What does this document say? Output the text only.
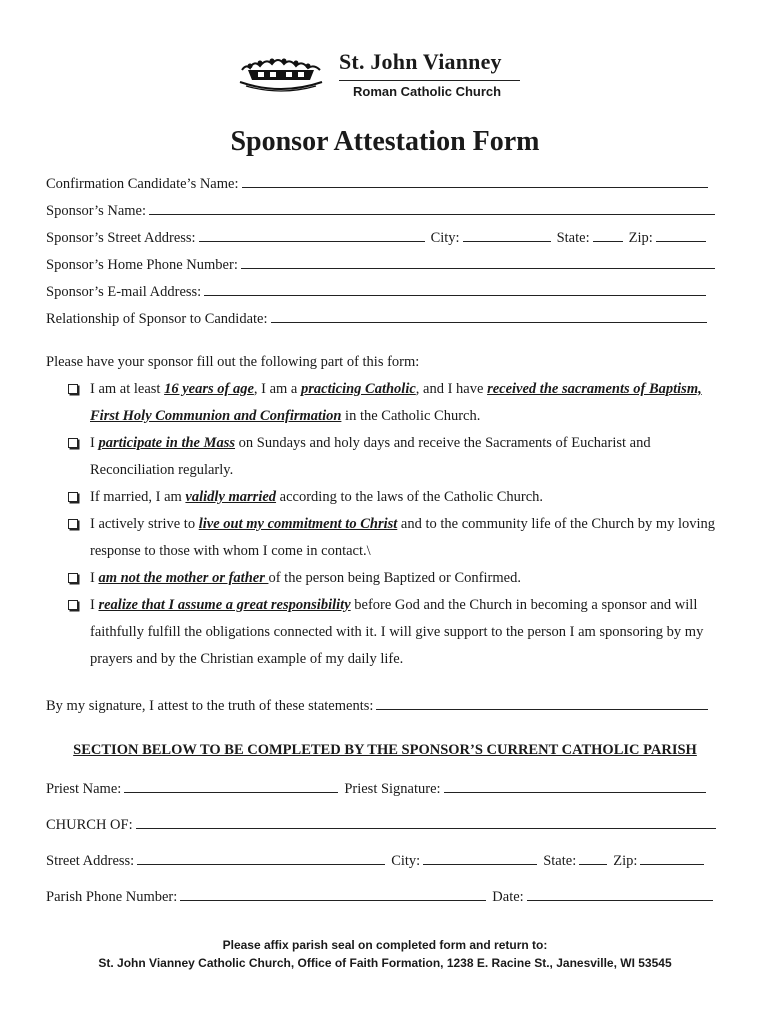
St. John Vianney
Roman Catholic Church
Sponsor Attestation Form
Confirmation Candidate’s Name:
Sponsor’s Name:
Sponsor’s Street Address:	City:	State:	Zip:
Sponsor’s Home Phone Number:
Sponsor’s E-mail Address:
Relationship of Sponsor to Candidate:
Please have your sponsor fill out the following part of this form:
I am at least 16 years of age, I am a practicing Catholic, and I have received the sacraments of Baptism, First Holy Communion and Confirmation in the Catholic Church.
I participate in the Mass on Sundays and holy days and receive the Sacraments of Eucharist and Reconciliation regularly.
If married, I am validly married according to the laws of the Catholic Church.
I actively strive to live out my commitment to Christ and to the community life of the Church by my loving response to those with whom I come in contact.\
I am not the mother or father of the person being Baptized or Confirmed.
I realize that I assume a great responsibility before God and the Church in becoming a sponsor and will faithfully fulfill the obligations connected with it. I will give support to the person I am sponsoring by my prayers and by the Christian example of my daily life.
By my signature, I attest to the truth of these statements:
SECTION BELOW TO BE COMPLETED BY THE SPONSOR’S CURRENT CATHOLIC PARISH
Priest Name:	Priest Signature:
CHURCH OF:
Street Address:	City:	State:	Zip:
Parish Phone Number:	Date:
Please affix parish seal on completed form and return to:
St. John Vianney Catholic Church, Office of Faith Formation, 1238 E. Racine St., Janesville, WI 53545
